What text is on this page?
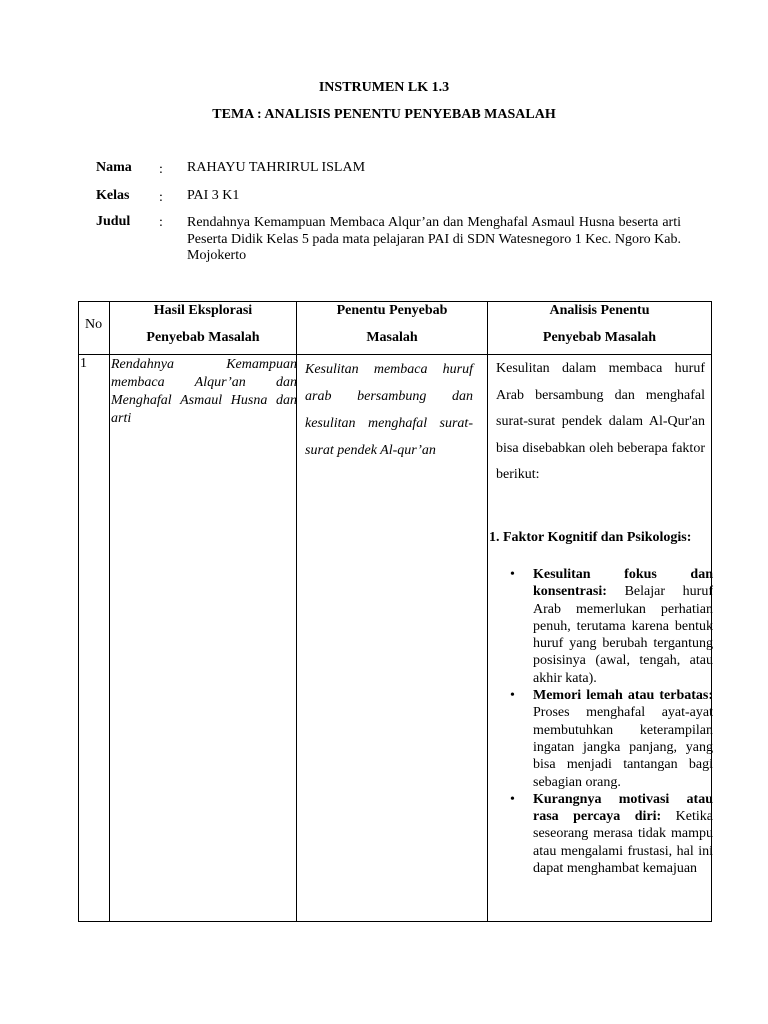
INSTRUMEN LK 1.3
TEMA : ANALISIS PENENTU PENYEBAB MASALAH
Nama : RAHAYU TAHRIRUL ISLAM
Kelas : PAI 3 K1
Judul : Rendahnya Kemampuan Membaca Alqur’an dan Menghafal Asmaul Husna beserta arti Peserta Didik Kelas 5 pada mata pelajaran PAI di SDN Watesnegoro 1 Kec. Ngoro Kab. Mojokerto
No
Hasil Eksplorasi
Penyebab Masalah
Penentu Penyebab
Masalah
Analisis Penentu
Penyebab Masalah
1 Rendahnya Kemampuan membaca Alqur’an dan Menghafal Asmaul Husna dan arti
Kesulitan membaca huruf arab bersambung dan kesulitan menghafal surat-surat pendek Al-qur’an
Kesulitan dalam membaca huruf Arab bersambung dan menghafal surat-surat pendek dalam Al-Qur'an bisa disebabkan oleh beberapa faktor berikut:
1. Faktor Kognitif dan Psikologis:
• Kesulitan fokus dan konsentrasi: Belajar huruf Arab memerlukan perhatian penuh, terutama karena bentuk huruf yang berubah tergantung posisinya (awal, tengah, atau akhir kata).
• Memori lemah atau terbatas: Proses menghafal ayat-ayat membutuhkan keterampilan ingatan jangka panjang, yang bisa menjadi tantangan bagi sebagian orang.
• Kurangnya motivasi atau rasa percaya diri: Ketika seseorang merasa tidak mampu atau mengalami frustasi, hal ini dapat menghambat kemajuan
